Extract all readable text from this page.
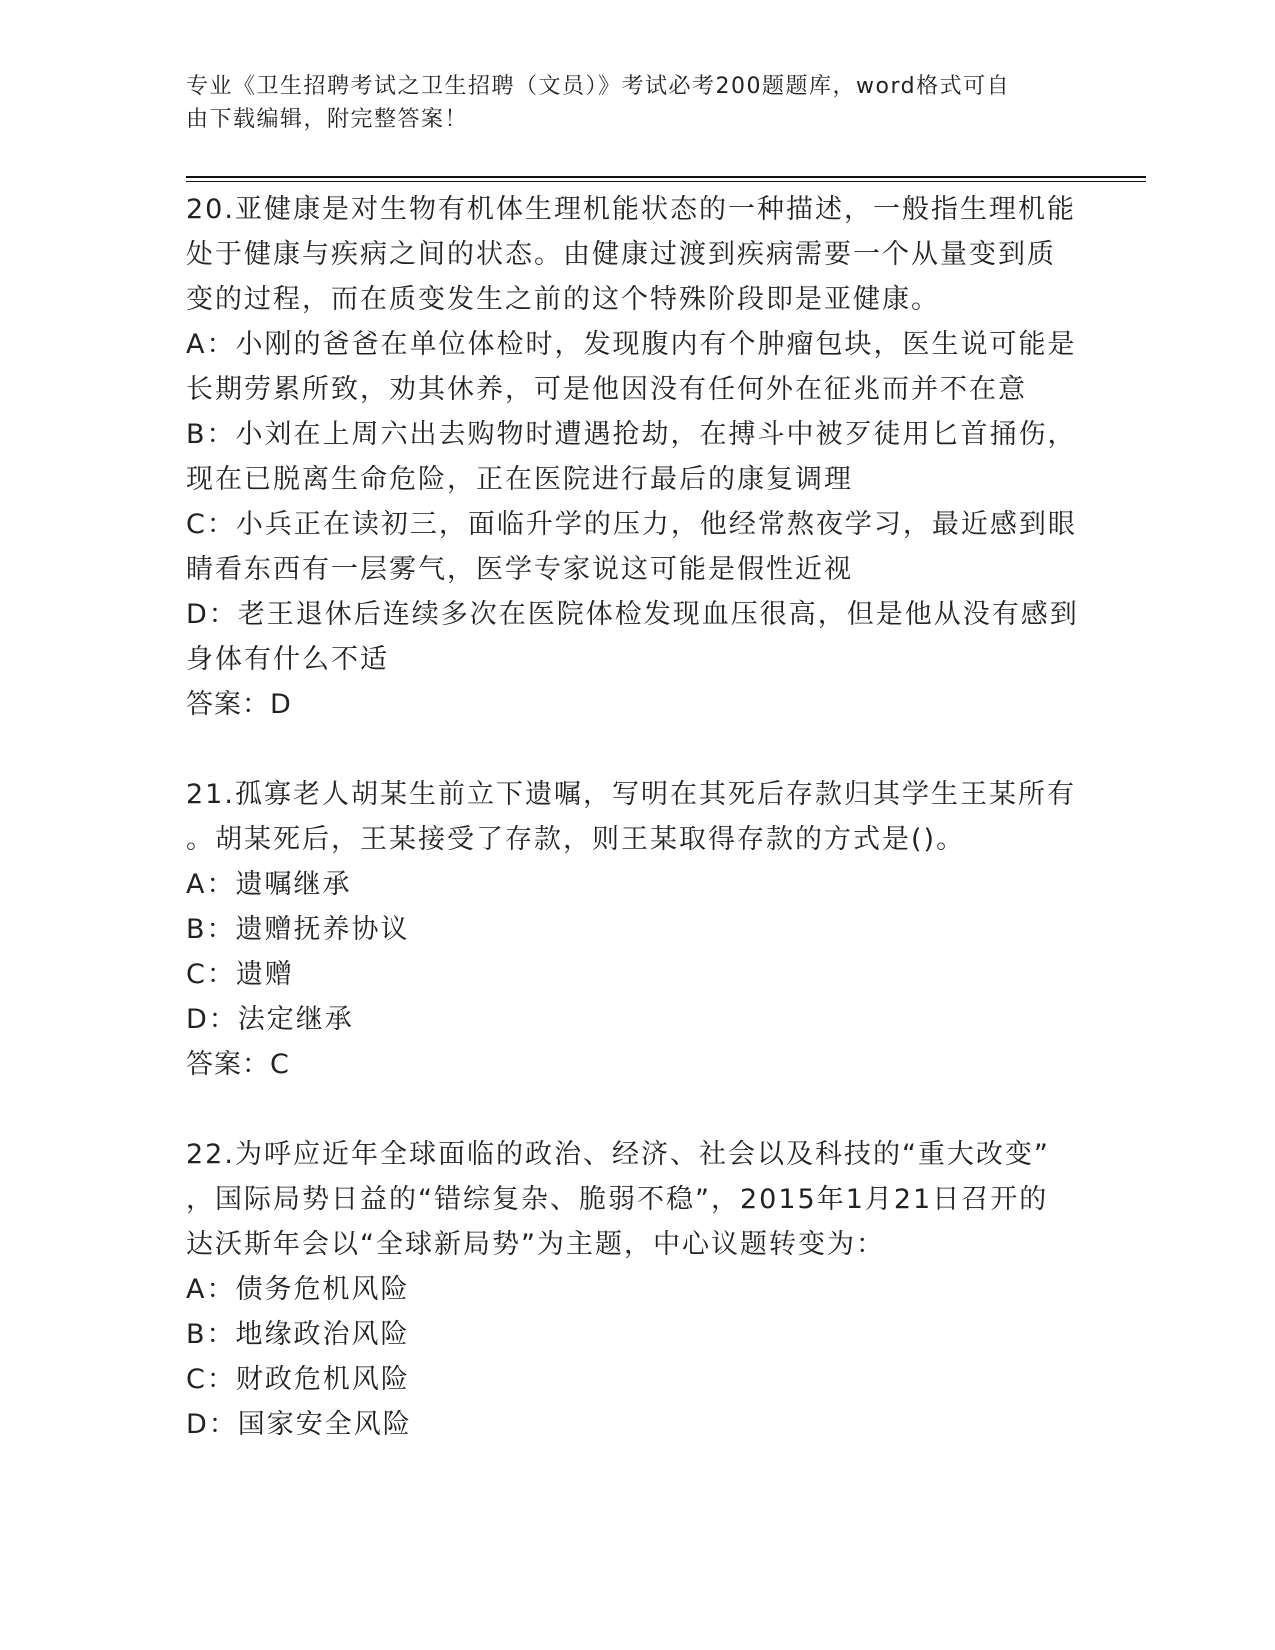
专业《卫生招聘考试之卫生招聘（文员）》考试必考200题题库，word格式可自
由下载编辑，附完整答案！
20.亚健康是对生物有机体生理机能状态的一种描述，一般指生理机能
处于健康与疾病之间的状态。由健康过渡到疾病需要一个从量变到质
变的过程，而在质变发生之前的这个特殊阶段即是亚健康。
A：小刚的爸爸在单位体检时，发现腹内有个肿瘤包块，医生说可能是
长期劳累所致，劝其休养，可是他因没有任何外在征兆而并不在意
B：小刘在上周六出去购物时遭遇抢劫，在搏斗中被歹徒用匕首捅伤，
现在已脱离生命危险，正在医院进行最后的康复调理
C：小兵正在读初三，面临升学的压力，他经常熬夜学习，最近感到眼
睛看东西有一层雾气，医学专家说这可能是假性近视
D：老王退休后连续多次在医院体检发现血压很高，但是他从没有感到
身体有什么不适
答案：D
21.孤寡老人胡某生前立下遗嘱，写明在其死后存款归其学生王某所有
。胡某死后，王某接受了存款，则王某取得存款的方式是()。
A：遗嘱继承
B：遗赠抚养协议
C：遗赠
D：法定继承
答案：C
22.为呼应近年全球面临的政治、经济、社会以及科技的“重大改变”
，国际局势日益的“错综复杂、脆弱不稳”，2015年1月21日召开的
达沃斯年会以“全球新局势”为主题，中心议题转变为：
A：债务危机风险
B：地缘政治风险
C：财政危机风险
D：国家安全风险
